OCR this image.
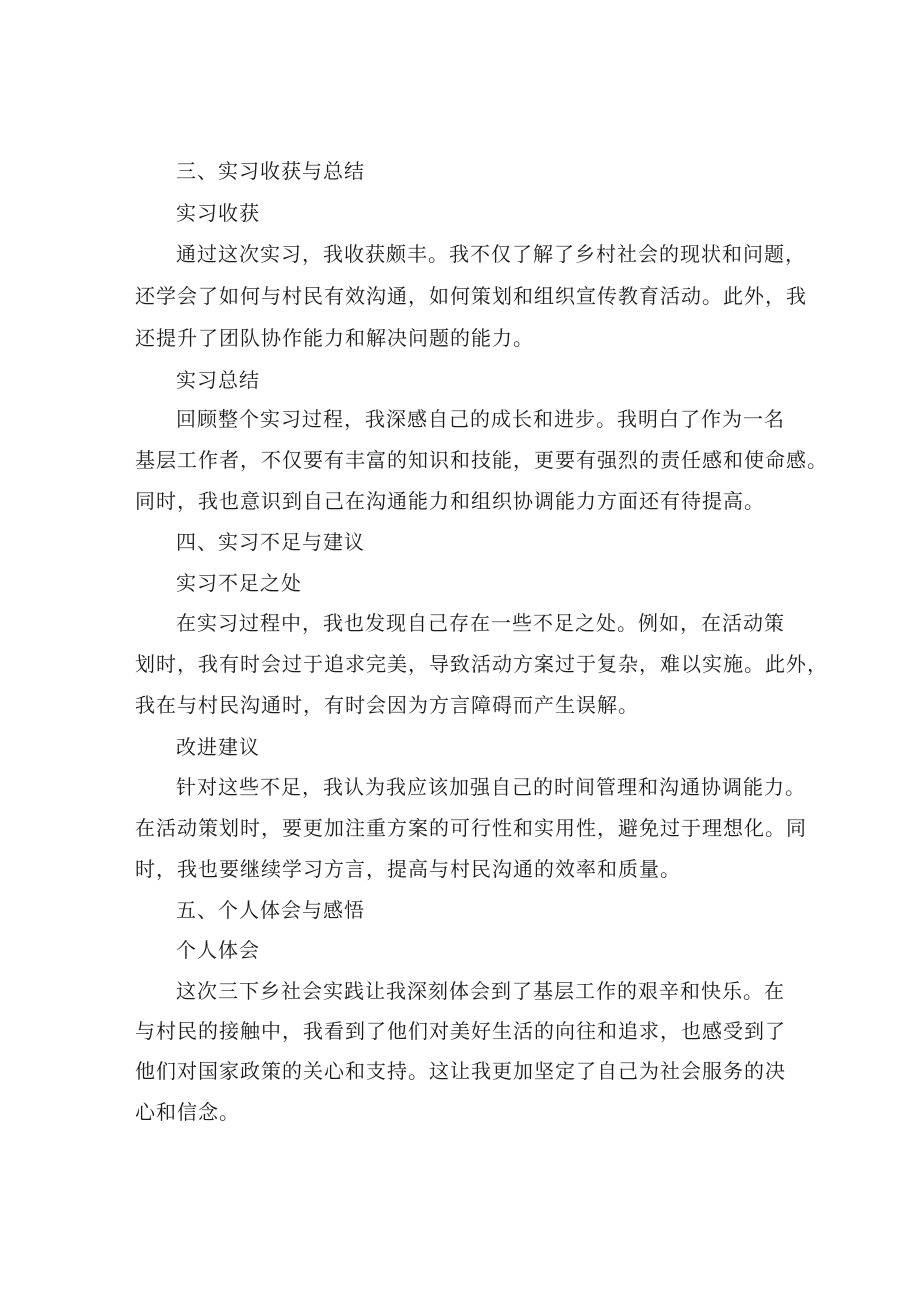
三、实习收获与总结
实习收获
通过这次实习，我收获颇丰。我不仅了解了乡村社会的现状和问题，
还学会了如何与村民有效沟通，如何策划和组织宣传教育活动。此外，我
还提升了团队协作能力和解决问题的能力。
实习总结
回顾整个实习过程，我深感自己的成长和进步。我明白了作为一名
基层工作者，不仅要有丰富的知识和技能，更要有强烈的责任感和使命感。
同时，我也意识到自己在沟通能力和组织协调能力方面还有待提高。
四、实习不足与建议
实习不足之处
在实习过程中，我也发现自己存在一些不足之处。例如，在活动策
划时，我有时会过于追求完美，导致活动方案过于复杂，难以实施。此外，
我在与村民沟通时，有时会因为方言障碍而产生误解。
改进建议
针对这些不足，我认为我应该加强自己的时间管理和沟通协调能力。
在活动策划时，要更加注重方案的可行性和实用性，避免过于理想化。同
时，我也要继续学习方言，提高与村民沟通的效率和质量。
五、个人体会与感悟
个人体会
这次三下乡社会实践让我深刻体会到了基层工作的艰辛和快乐。在
与村民的接触中，我看到了他们对美好生活的向往和追求，也感受到了
他们对国家政策的关心和支持。这让我更加坚定了自己为社会服务的决
心和信念。
